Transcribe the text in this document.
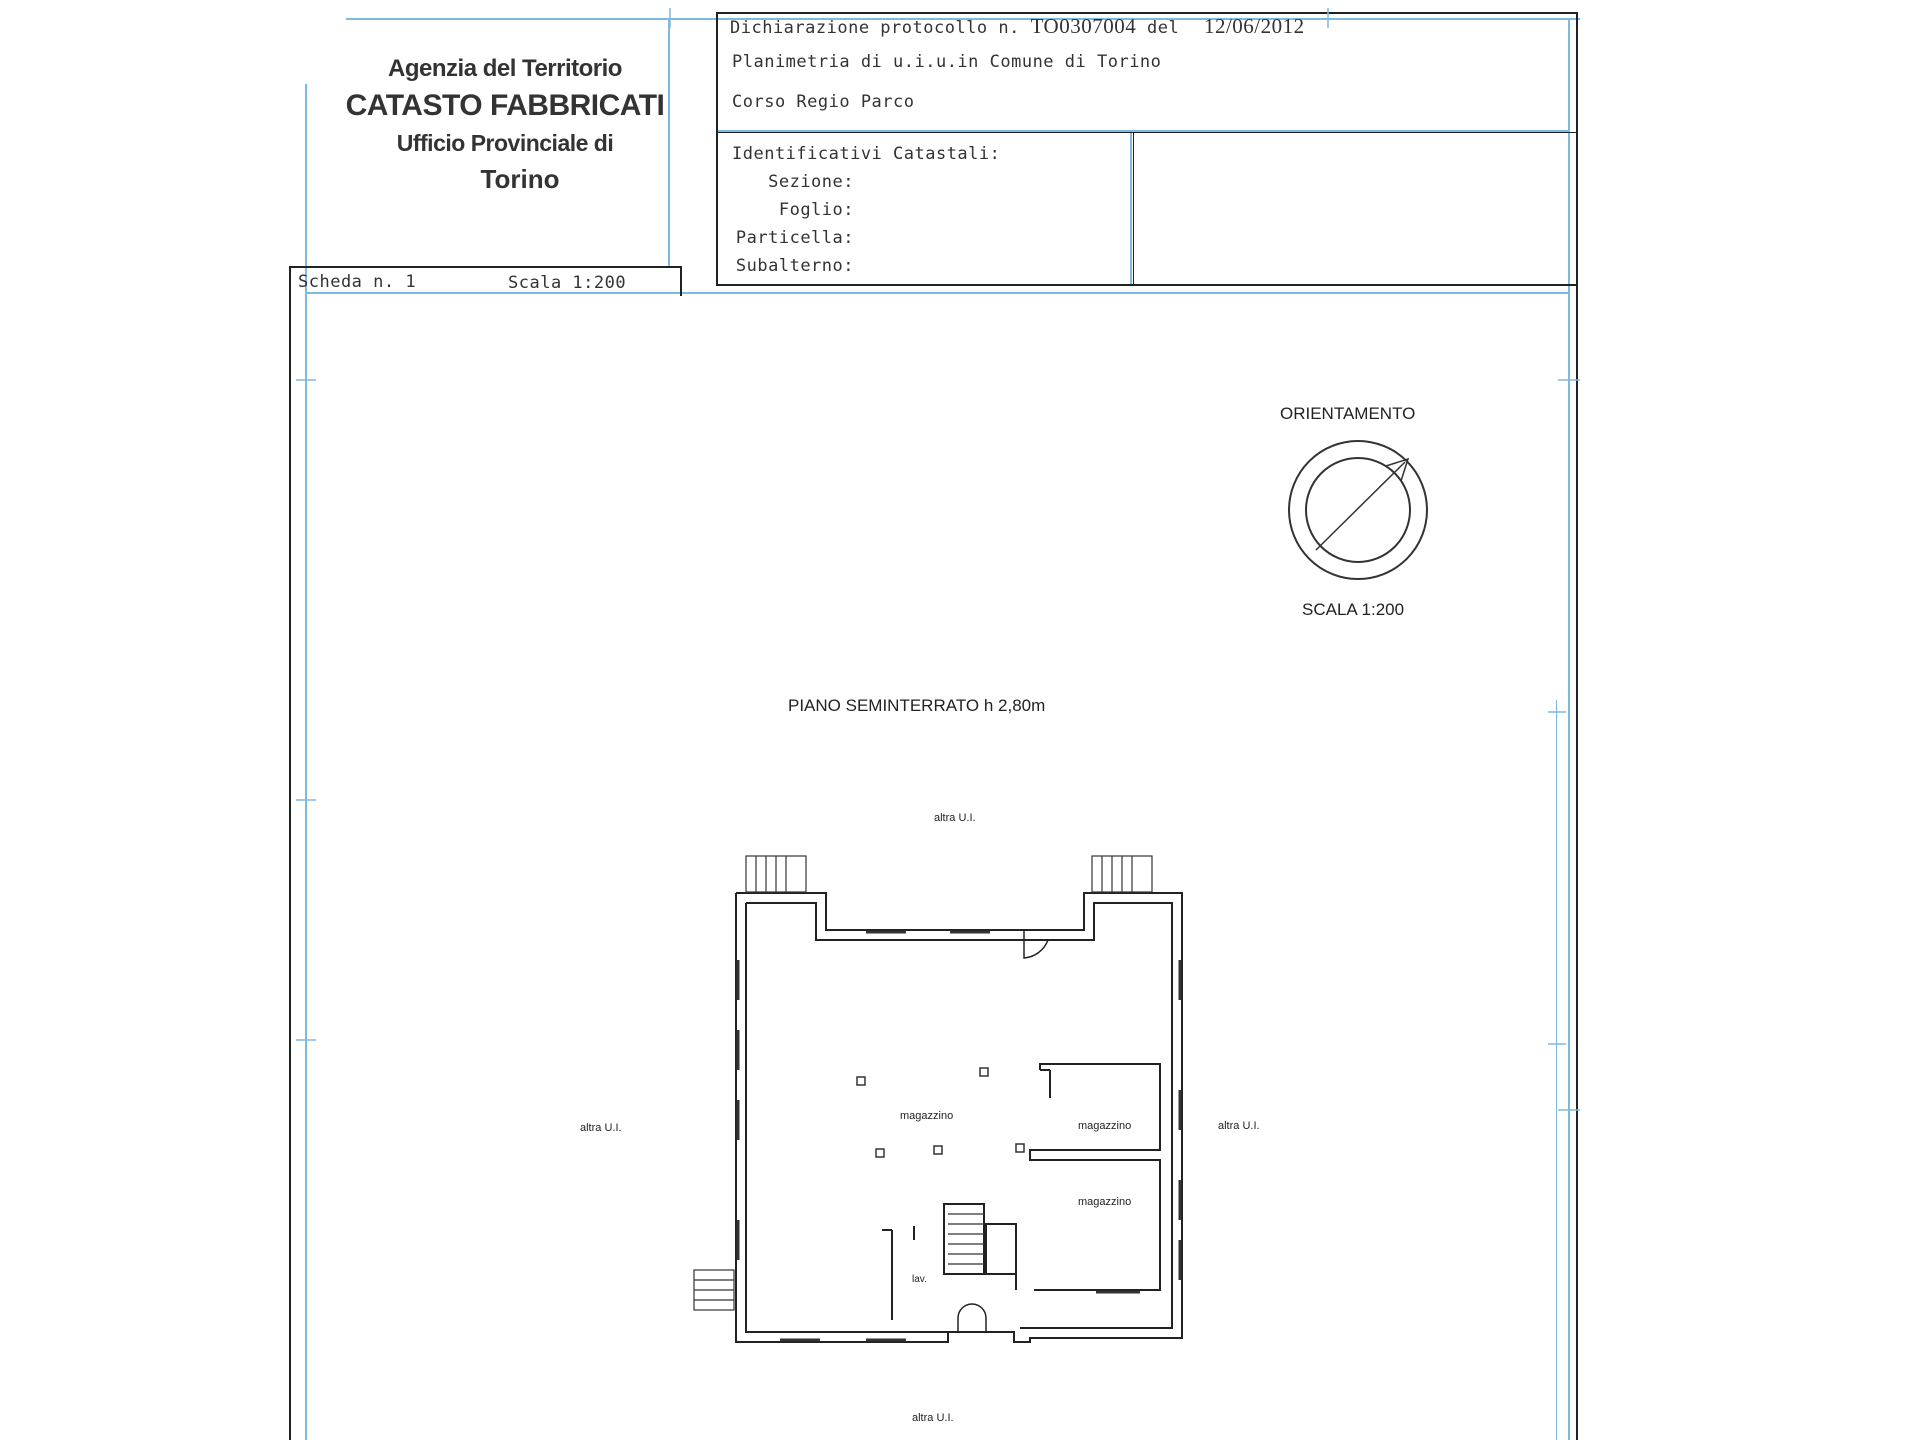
Agenzia del Territorio
CATASTO FABBRICATI
Ufficio Provinciale di
Torino
Dichiarazione protocollo n. TO0307004 del 12/06/2012
Planimetria di u.i.u.in Comune di Torino
Corso Regio Parco
Identificativi Catastali:
Sezione:
Foglio:
Particella:
Subalterno:
Scheda n. 1	Scala 1:200
ORIENTAMENTO
SCALA 1:200
PIANO SEMINTERRATO h 2,80m
altra U.I.
altra U.I.	altra U.I.
altra U.I.
magazzino
magazzino
magazzino
lav.
